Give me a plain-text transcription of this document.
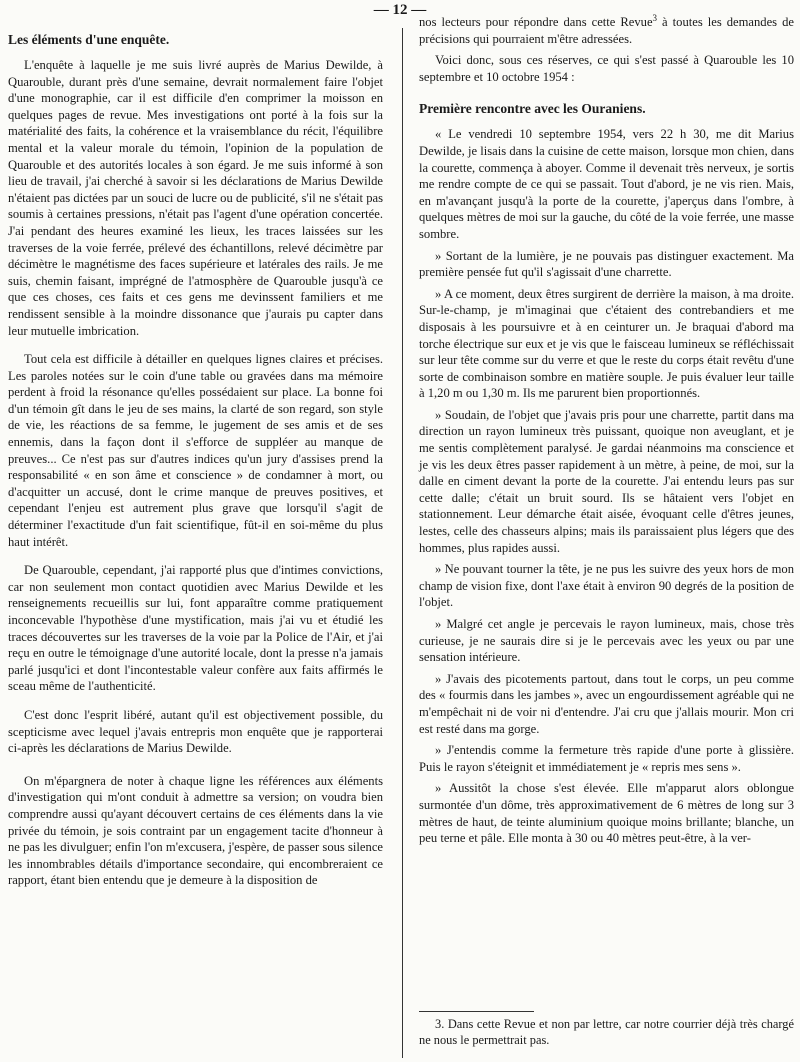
— 12 —
Les éléments d'une enquête.

L'enquête à laquelle je me suis livré auprès de Marius Dewilde, à Quarouble, durant près d'une semaine, devrait normalement faire l'objet d'une monographie, car il est difficile d'en comprimer la moisson en quelques pages de revue. Mes investigations ont porté à la fois sur la matérialité des faits, la cohérence et la vraisemblance du récit, l'équilibre mental et la valeur morale du témoin, l'opinion de la population de Quarouble et des autorités locales à son égard. Je me suis informé à son lieu de travail, j'ai cherché à savoir si les déclarations de Marius Dewilde n'étaient pas dictées par un souci de lucre ou de publicité, s'il ne s'était pas soumis à certaines pressions, n'était pas l'agent d'une opération concertée. J'ai pendant des heures examiné les lieux, les traces laissées sur les traverses de la voie ferrée, prélevé des échantillons, relevé décimètre par décimètre le magnétisme des faces supérieure et latérales des rails. Je me suis, chemin faisant, imprégné de l'atmosphère de Quarouble jusqu'à ce que ces choses, ces faits et ces gens me devinssent familiers et me rendissent sensible à la moindre dissonance que j'aurais pu capter dans leur mutuelle imbrication.

Tout cela est difficile à détailler en quelques lignes claires et précises. Les paroles notées sur le coin d'une table ou gravées dans ma mémoire perdent à froid la résonance qu'elles possédaient sur place. La bonne foi d'un témoin gît dans le jeu de ses mains, la clarté de son regard, son style de vie, les réactions de sa femme, le jugement de ses amis et de ses ennemis, dans la façon dont il s'efforce de suppléer au manque de preuves... Ce n'est pas sur d'autres indices qu'un jury d'assises prend la responsabilité « en son âme et conscience » de condamner à mort, ou d'acquitter un accusé, dont le crime manque de preuves positives, et cependant l'enjeu est autrement plus grave que lorsqu'il s'agit de déterminer l'exactitude d'un fait scientifique, fût-il en soi-même du plus haut intérêt.

De Quarouble, cependant, j'ai rapporté plus que d'intimes convictions, car non seulement mon contact quotidien avec Marius Dewilde et les renseignements recueillis sur lui, font apparaître comme pratiquement inconcevable l'hypothèse d'une mystification, mais j'ai vu et étudié les traces découvertes sur les traverses de la voie par la Police de l'Air, et j'ai reçu en outre le témoignage d'une autorité locale, dont la presse n'a jamais parlé jusqu'ici et dont l'incontestable valeur confère aux faits affirmés le sceau même de l'authenticité.

C'est donc l'esprit libéré, autant qu'il est objectivement possible, du scepticisme avec lequel j'avais entrepris mon enquête que je rapporterai ci-après les déclarations de Marius Dewilde.

On m'épargnera de noter à chaque ligne les références aux éléments d'investigation qui m'ont conduit à admettre sa version; on voudra bien comprendre aussi qu'ayant découvert certains de ces éléments dans la vie privée du témoin, je sois contraint par un engagement tacite d'honneur à ne pas les divulguer; enfin l'on m'excusera, j'espère, de passer sous silence les innombrables détails d'importance secondaire, qui encombreraient ce rapport, étant bien entendu que je demeure à la disposition de

nos lecteurs pour répondre dans cette Revue$^3$ à toutes les demandes de précisions qui pourraient m'être adressées.

Voici donc, sous ces réserves, ce qui s'est passé à Quarouble les 10 septembre et 10 octobre 1954 :

Première rencontre avec les Ouraniens.

« Le vendredi 10 septembre 1954, vers 22 h 30, me dit Marius Dewilde, je lisais dans la cuisine de cette maison, lorsque mon chien, dans la courette, commença à aboyer. Comme il devenait très nerveux, je sortis me rendre compte de ce qui se passait. Tout d'abord, je ne vis rien. Mais, en m'avançant jusqu'à la porte de la courette, j'aperçus dans l'ombre, à quelques mètres de moi sur la gauche, du côté de la voie ferrée, une masse sombre.

» Sortant de la lumière, je ne pouvais pas distinguer exactement. Ma première pensée fut qu'il s'agissait d'une charrette.

» A ce moment, deux êtres surgirent de derrière la maison, à ma droite. Sur-le-champ, je m'imaginai que c'étaient des contrebandiers et me disposais à les poursuivre et à en ceinturer un. Je braquai d'abord ma torche électrique sur eux et je vis que le faisceau lumineux se réfléchissait sur leur tête comme sur du verre et que le reste du corps était revêtu d'une sorte de combinaison sombre en matière souple. Je puis évaluer leur taille à 1,20 m ou 1,30 m. Ils me parurent bien proportionnés.

» Soudain, de l'objet que j'avais pris pour une charrette, partit dans ma direction un rayon lumineux très puissant, quoique non aveuglant, et je me sentis complètement paralysé. Je gardai néanmoins ma conscience et je vis les deux êtres passer rapidement à un mètre, à peine, de moi, sur la dalle en ciment devant la porte de la courette. J'ai entendu leurs pas sur cette dalle; c'était un bruit sourd. Ils se hâtaient vers l'objet en stationnement. Leur démarche était aisée, évoquant celle d'êtres jeunes, lestes, celle des chasseurs alpins; mais ils paraissaient plus légers que des hommes, plus rapides aussi.

» Ne pouvant tourner la tête, je ne pus les suivre des yeux hors de mon champ de vision fixe, dont l'axe était à environ 90 degrés de la position de l'objet.

» Malgré cet angle je percevais le rayon lumineux, mais, chose très curieuse, je ne saurais dire si je le percevais avec les yeux ou par une sensation intérieure.

» J'avais des picotements partout, dans tout le corps, un peu comme des « fourmis dans les jambes », avec un engourdissement agréable qui ne m'empêchait ni de voir ni d'entendre. J'ai cru que j'allais mourir. Mon cri est resté dans ma gorge.

» J'entendis comme la fermeture très rapide d'une porte à glissière. Puis le rayon s'éteignit et immédiatement je « repris mes sens ».

» Aussitôt la chose s'est élevée. Elle m'apparut alors oblongue surmontée d'un dôme, très approximativement de 6 mètres de long sur 3 mètres de haut, de teinte aluminium quoique moins brillante; blanche, un peu terne et pâle. Elle monta à 30 ou 40 mètres peut-être, à la ver-

3. Dans cette Revue et non par lettre, car notre courrier déjà très chargé ne nous le permettrait pas.
